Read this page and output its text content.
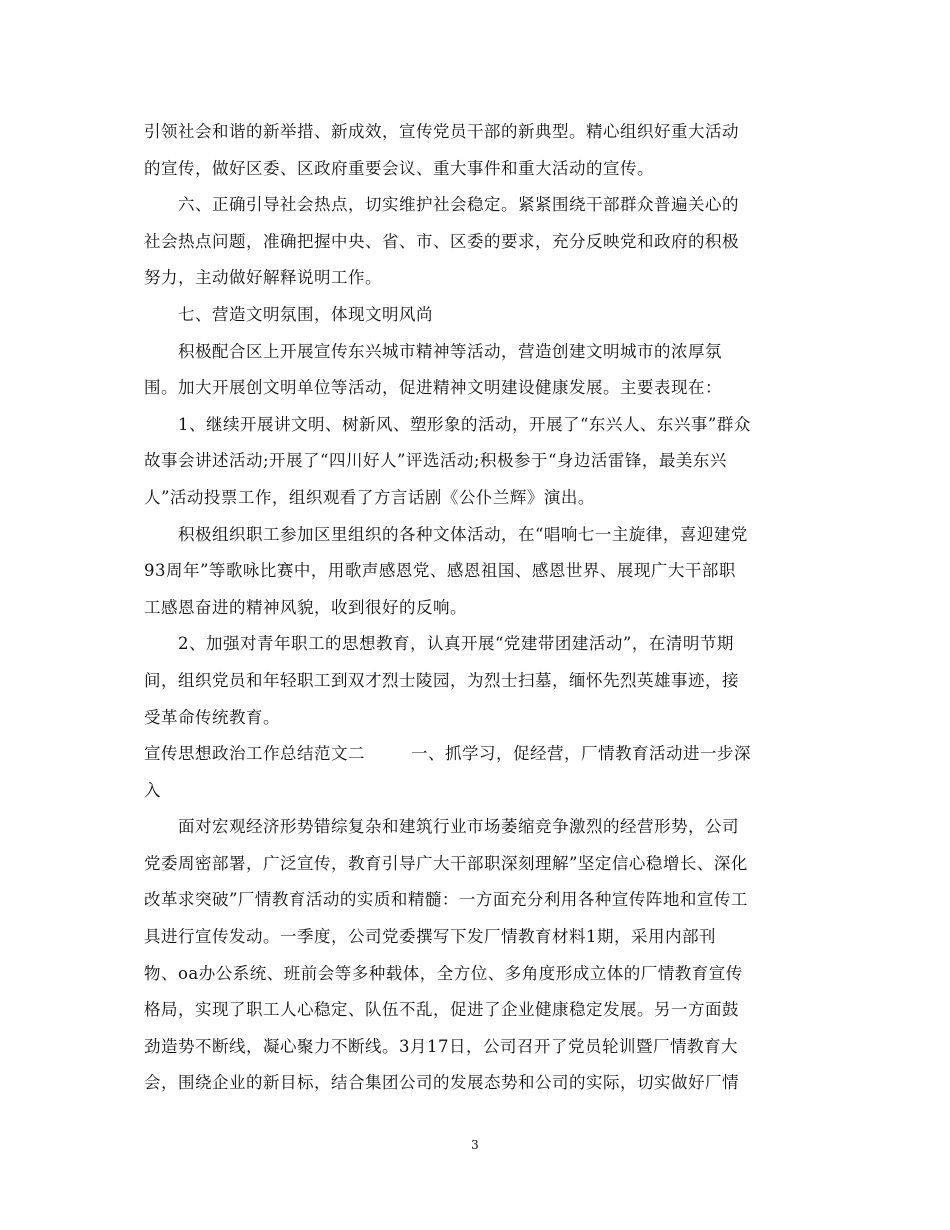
引领社会和谐的新举措、新成效，宣传党员干部的新典型。精心组织好重大活动
的宣传，做好区委、区政府重要会议、重大事件和重大活动的宣传。
六、正确引导社会热点，切实维护社会稳定。紧紧围绕干部群众普遍关心的
社会热点问题，准确把握中央、省、市、区委的要求，充分反映党和政府的积极
努力，主动做好解释说明工作。
七、营造文明氛围，体现文明风尚
积极配合区上开展宣传东兴城市精神等活动，营造创建文明城市的浓厚氛
围。加大开展创文明单位等活动，促进精神文明建设健康发展。主要表现在：
1、继续开展讲文明、树新风、塑形象的活动，开展了“东兴人、东兴事”群众
故事会讲述活动;开展了“四川好人”评选活动;积极参于“身边活雷锋，最美东兴
人”活动投票工作，组织观看了方言话剧《公仆兰辉》演出。
积极组织职工参加区里组织的各种文体活动，在“唱响七一主旋律，喜迎建党
93周年”等歌咏比赛中，用歌声感恩党、感恩祖国、感恩世界、展现广大干部职
工感恩奋进的精神风貌，收到很好的反响。
2、加强对青年职工的思想教育，认真开展“党建带团建活动”，在清明节期
间，组织党员和年轻职工到双才烈士陵园，为烈士扫墓，缅怀先烈英雄事迹，接
受革命传统教育。
宣传思想政治工作总结范文二        一、抓学习，促经营，厂情教育活动进一步深
入
面对宏观经济形势错综复杂和建筑行业市场萎缩竞争激烈的经营形势，公司
党委周密部署，广泛宣传，教育引导广大干部职深刻理解”坚定信心稳增长、深化
改革求突破”厂情教育活动的实质和精髓：一方面充分利用各种宣传阵地和宣传工
具进行宣传发动。一季度，公司党委撰写下发厂情教育材料1期，采用内部刊
物、oa办公系统、班前会等多种载体，全方位、多角度形成立体的厂情教育宣传
格局，实现了职工人心稳定、队伍不乱，促进了企业健康稳定发展。另一方面鼓
劲造势不断线，凝心聚力不断线。3月17日，公司召开了党员轮训暨厂情教育大
会，围绕企业的新目标，结合集团公司的发展态势和公司的实际，切实做好厂情
3
